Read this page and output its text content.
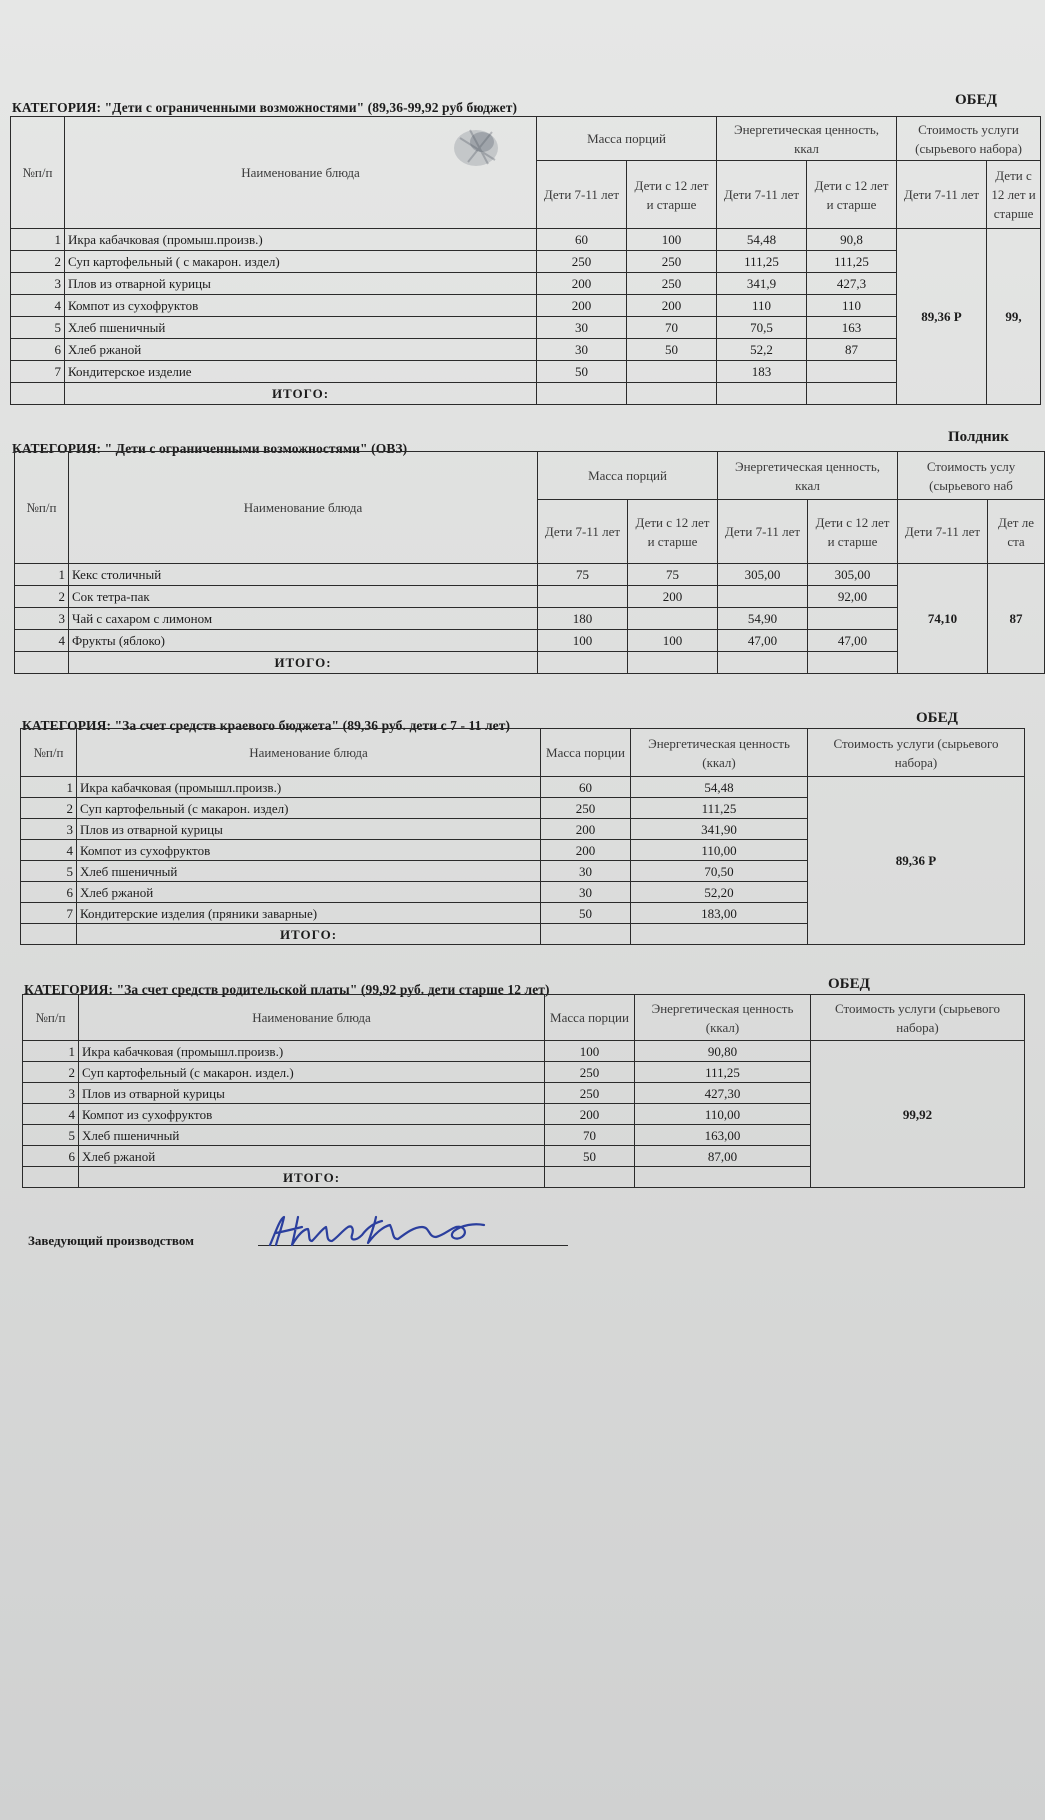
КАТЕГОРИЯ: "Дети с ограниченными возможностями" (89,36-99,92 руб бюджет)	ОБЕД
№п/п	Наименование блюда	Масса порций		Энергетическая ценность, ккал		Стоимость услуги (сырьевого набора)	
		Дети 7-11 лет	Дети с 12 лет и старше	Дети 7-11 лет	Дети с 12 лет и старше	Дети 7-11 лет	Дети с 12 лет и старше
1	Икра кабачковая (промыш.произв.)	60	100	54,48	90,8	89,36 Р	99,
2	Суп картофельный ( с макарон. издел)	250	250	111,25	111,25		
3	Плов из отварной курицы	200	250	341,9	427,3		
4	Компот из сухофруктов	200	200	110	110		
5	Хлеб пшеничный	30	70	70,5	163		
6	Хлеб ржаной	30	50	52,2	87		
7	Кондитерское изделие	50		183			
	ИТОГО:						
КАТЕГОРИЯ: " Дети с ограниченными возможностями" (ОВЗ)
Полдник
№п/п	Наименование блюда	Масса порций		Энергетическая ценность, ккал		Стоимость услу (сырьевого наб	
		Дети 7-11 лет	Дети с 12 лет и старше	Дети 7-11 лет	Дети с 12 лет и старше	Дети 7-11 лет	Дет ле ста
1	Кекс столичный	75	75	305,00	305,00	74,10	87
2	Сок тетра-пак		200		92,00		
3	Чай с сахаром с лимоном	180		54,90			
4	Фрукты (яблоко)	100	100	47,00	47,00		
	ИТОГО:						
КАТЕГОРИЯ: "За счет средств краевого бюджета" (89,36 руб. дети с 7 - 11 лет)	ОБЕД
№п/п	Наименование блюда	Масса порции	Энергетическая ценность (ккал)	Стоимость услуги (сырьевого набора)
1	Икра кабачковая (промышл.произв.)	60	54,48	89,36 Р
2	Суп картофельный (с макарон. издел)	250	111,25	
3	Плов из отварной курицы	200	341,90	
4	Компот из сухофруктов	200	110,00	
5	Хлеб пшеничный	30	70,50	
6	Хлеб ржаной	30	52,20	
7	Кондитерские изделия (пряники заварные)	50	183,00	
	ИТОГО:			
КАТЕГОРИЯ: "За счет средств родительской платы" (99,92 руб. дети старше 12 лет)	ОБЕД
№п/п	Наименование блюда	Масса порции	Энергетическая ценность (ккал)	Стоимость услуги (сырьевого набора)
1	Икра кабачковая (промышл.произв.)	100	90,80	99,92
2	Суп картофельный (с макарон. издел.)	250	111,25	
3	Плов из отварной курицы	250	427,30	
4	Компот из сухофруктов	200	110,00	
5	Хлеб пшеничный	70	163,00	
6	Хлеб ржаной	50	87,00	
	ИТОГО:			
Заведующий производством
